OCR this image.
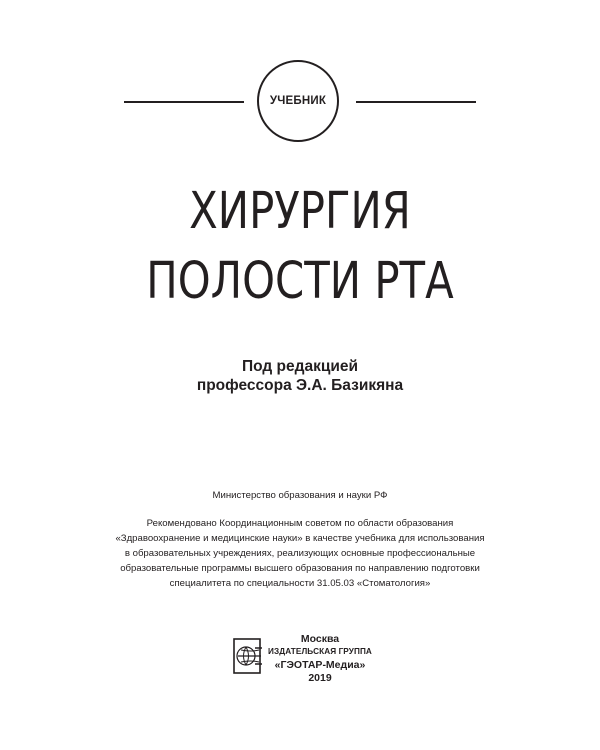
УЧЕБНИК
ХИРУРГИЯ
ПОЛОСТИ РТА
Под редакцией
профессора Э.А. Базикяна
Министерство образования и науки РФ
Рекомендовано Координационным советом по области образования
«Здравоохранение и медицинские науки» в качестве учебника для использования
в образовательных учреждениях, реализующих основные профессиональные
образовательные программы высшего образования по направлению подготовки
специалитета по специальности 31.05.03 «Стоматология»
Москва
ИЗДАТЕЛЬСКАЯ ГРУППА
«ГЭОТАР-Медиа»
2019
